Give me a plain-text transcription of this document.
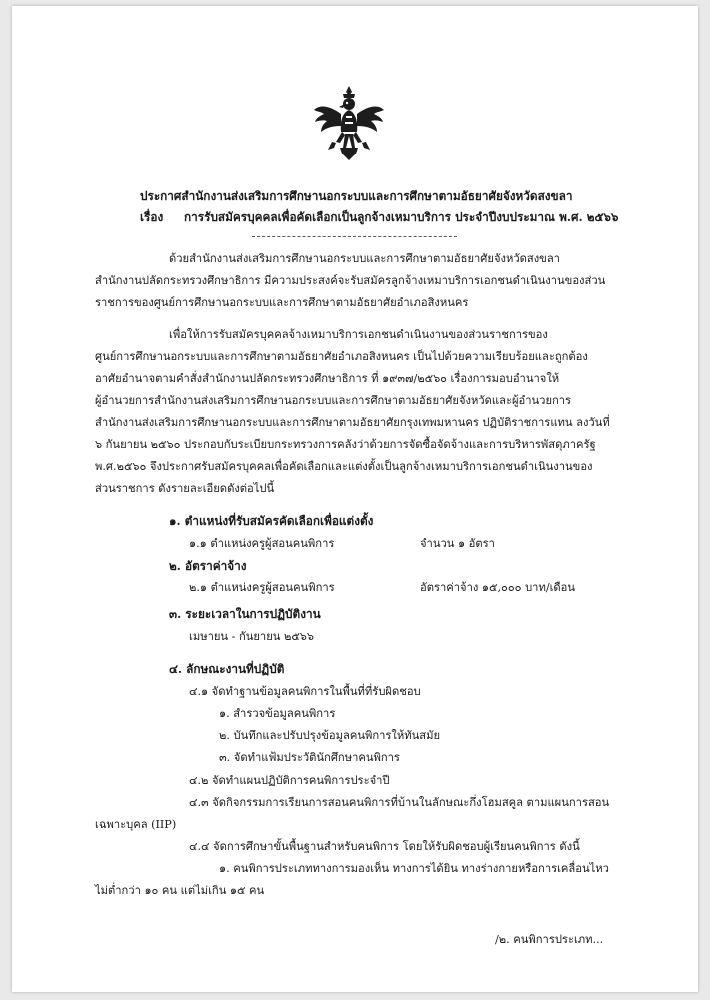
ประกาศสำนักงานส่งเสริมการศึกษานอกระบบและการศึกษาตามอัธยาศัยจังหวัดสงขลา
เรื่อง การรับสมัครบุคคลเพื่อคัดเลือกเป็นลูกจ้างเหมาบริการ ประจำปีงบประมาณ พ.ศ. ๒๕๖๖
ด้วยสำนักงานส่งเสริมการศึกษานอกระบบและการศึกษาตามอัธยาศัยจังหวัดสงขลา
สำนักงานปลัดกระทรวงศึกษาธิการ มีความประสงค์จะรับสมัครลูกจ้างเหมาบริการเอกชนดำเนินงานของส่วน
ราชการของศูนย์การศึกษานอกระบบและการศึกษาตามอัธยาศัยอำเภอสิงหนคร
เพื่อให้การรับสมัครบุคคลจ้างเหมาบริการเอกชนดำเนินงานของส่วนราชการของ
ศูนย์การศึกษานอกระบบและการศึกษาตามอัธยาศัยอำเภอสิงหนคร เป็นไปด้วยความเรียบร้อยและถูกต้อง
อาศัยอำนาจตามคำสั่งสำนักงานปลัดกระทรวงศึกษาธิการ ที่ ๑๙๓๗/๒๕๖๐ เรื่องการมอบอำนาจให้
ผู้อำนวยการสำนักงานส่งเสริมการศึกษานอกระบบและการศึกษาตามอัธยาศัยจังหวัดและผู้อำนวยการ
สำนักงานส่งเสริมการศึกษานอกระบบและการศึกษาตามอัธยาศัยกรุงเทพมหานคร ปฏิบัติราชการแทน ลงวันที่
๖ กันยายน ๒๕๖๐ ประกอบกับระเบียบกระทรวงการคลังว่าด้วยการจัดซื้อจัดจ้างและการบริหารพัสดุภาครัฐ
พ.ศ.๒๕๖๐ จึงประกาศรับสมัครบุคคลเพื่อคัดเลือกและแต่งตั้งเป็นลูกจ้างเหมาบริการเอกชนดำเนินงานของ
ส่วนราชการ ดังรายละเอียดดังต่อไปนี้
๑. ตำแหน่งที่รับสมัครคัดเลือกเพื่อแต่งตั้ง
๑.๑ ตำแหน่งครูผู้สอนคนพิการ	จำนวน ๑ อัตรา
๒. อัตราค่าจ้าง
๒.๑ ตำแหน่งครูผู้สอนคนพิการ	อัตราค่าจ้าง ๑๕,๐๐๐ บาท/เดือน
๓. ระยะเวลาในการปฏิบัติงาน
เมษายน - กันยายน ๒๕๖๖
๔. ลักษณะงานที่ปฏิบัติ
๔.๑ จัดทำฐานข้อมูลคนพิการในพื้นที่ที่รับผิดชอบ
๑. สำรวจข้อมูลคนพิการ
๒. บันทึกและปรับปรุงข้อมูลคนพิการให้ทันสมัย
๓. จัดทำแฟ้มประวัตินักศึกษาคนพิการ
๔.๒ จัดทำแผนปฏิบัติการคนพิการประจำปี
๔.๓ จัดกิจกรรมการเรียนการสอนคนพิการที่บ้านในลักษณะกึ่งโฮมสคูล ตามแผนการสอน
เฉพาะบุคล (IIP)
๔.๔ จัดการศึกษาขั้นพื้นฐานสำหรับคนพิการ โดยให้รับผิดชอบผู้เรียนคนพิการ ดังนี้
๑. คนพิการประเภททางการมองเห็น ทางการได้ยิน ทางร่างกายหรือการเคลื่อนไหว
ไม่ต่ำกว่า ๑๐ คน แต่ไม่เกิน ๑๕ คน
/๒. คนพิการประเภท...
